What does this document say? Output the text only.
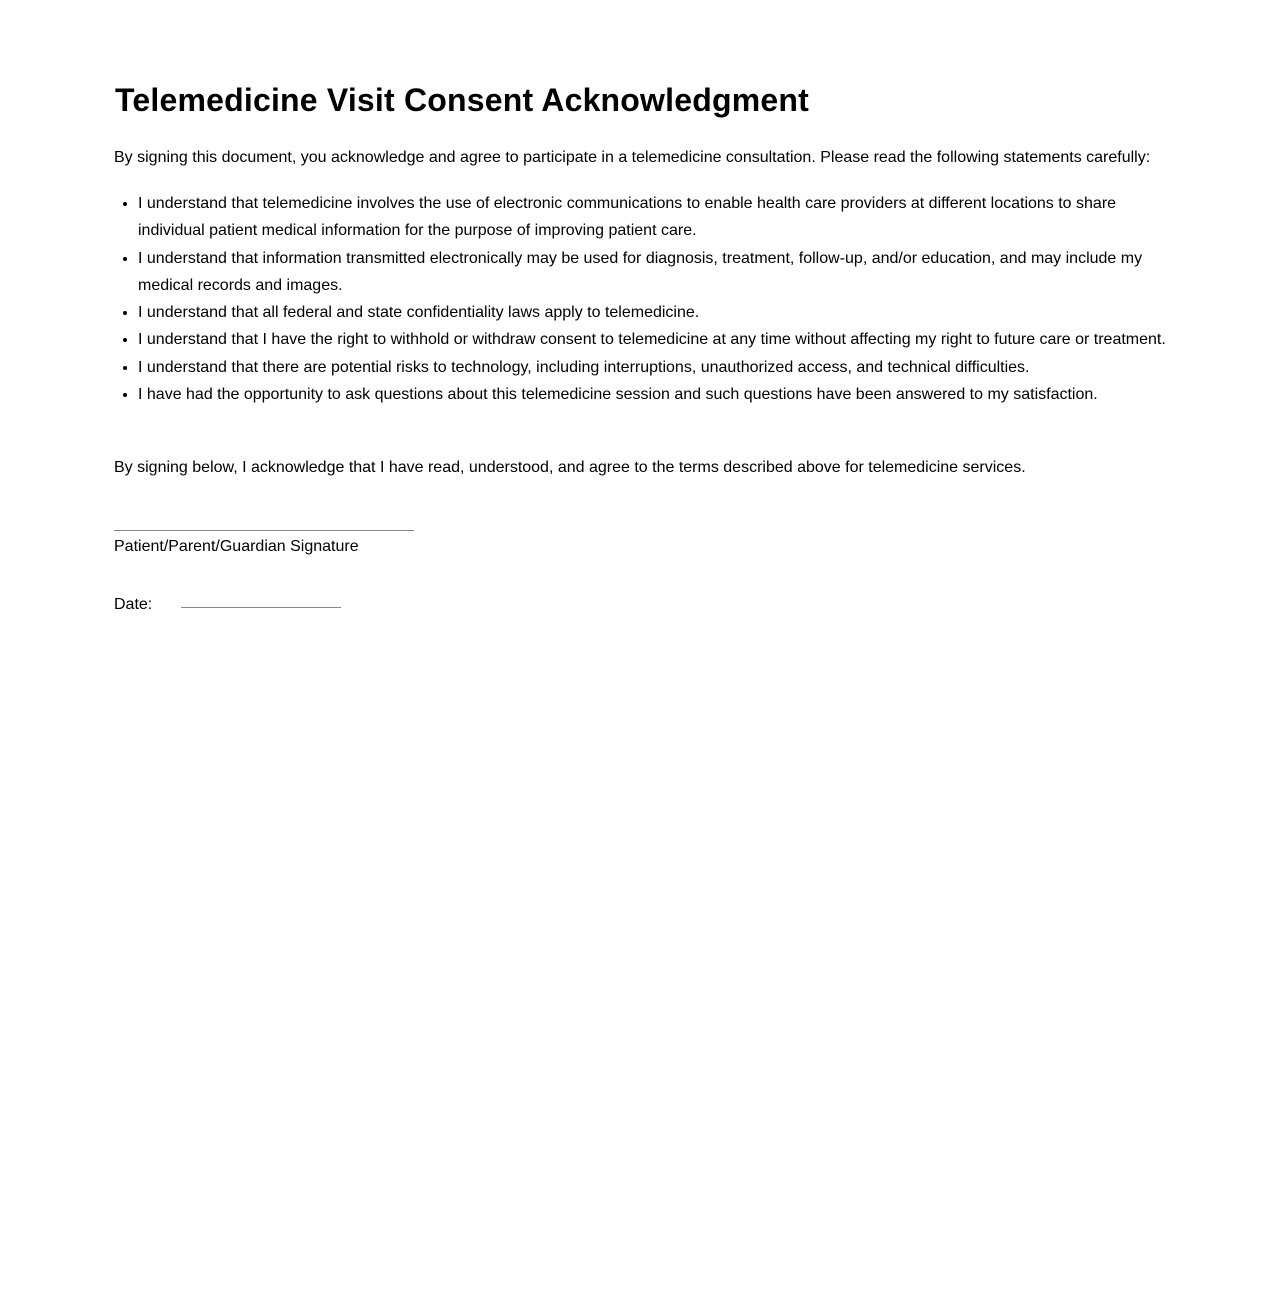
Telemedicine Visit Consent Acknowledgment

By signing this document, you acknowledge and agree to participate in a telemedicine consultation. Please read the following statements carefully:

• I understand that telemedicine involves the use of electronic communications to enable health care providers at different locations to share individual patient medical information for the purpose of improving patient care.
• I understand that information transmitted electronically may be used for diagnosis, treatment, follow-up, and/or education, and may include my medical records and images.
• I understand that all federal and state confidentiality laws apply to telemedicine.
• I understand that I have the right to withhold or withdraw consent to telemedicine at any time without affecting my right to future care or treatment.
• I understand that there are potential risks to technology, including interruptions, unauthorized access, and technical difficulties.
• I have had the opportunity to ask questions about this telemedicine session and such questions have been answered to my satisfaction.

By signing below, I acknowledge that I have read, understood, and agree to the terms described above for telemedicine services.

Patient/Parent/Guardian Signature
Date:
